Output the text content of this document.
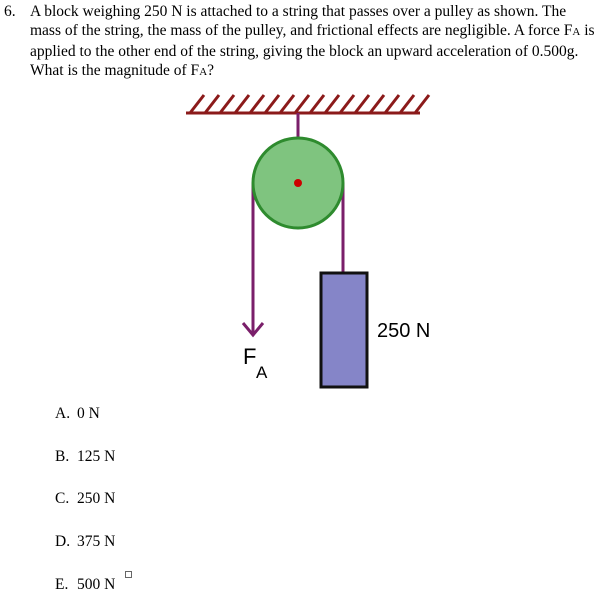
6. A block weighing 250 N is attached to a string that passes over a pulley as shown. The mass of the string, the mass of the pulley, and frictional effects are negligible. A force FA is applied to the other end of the string, giving the block an upward acceleration of 0.500g. What is the magnitude of FA?
250 N
F
A
A. 0 N
B. 125 N
C. 250 N
D. 375 N
E. 500 N
